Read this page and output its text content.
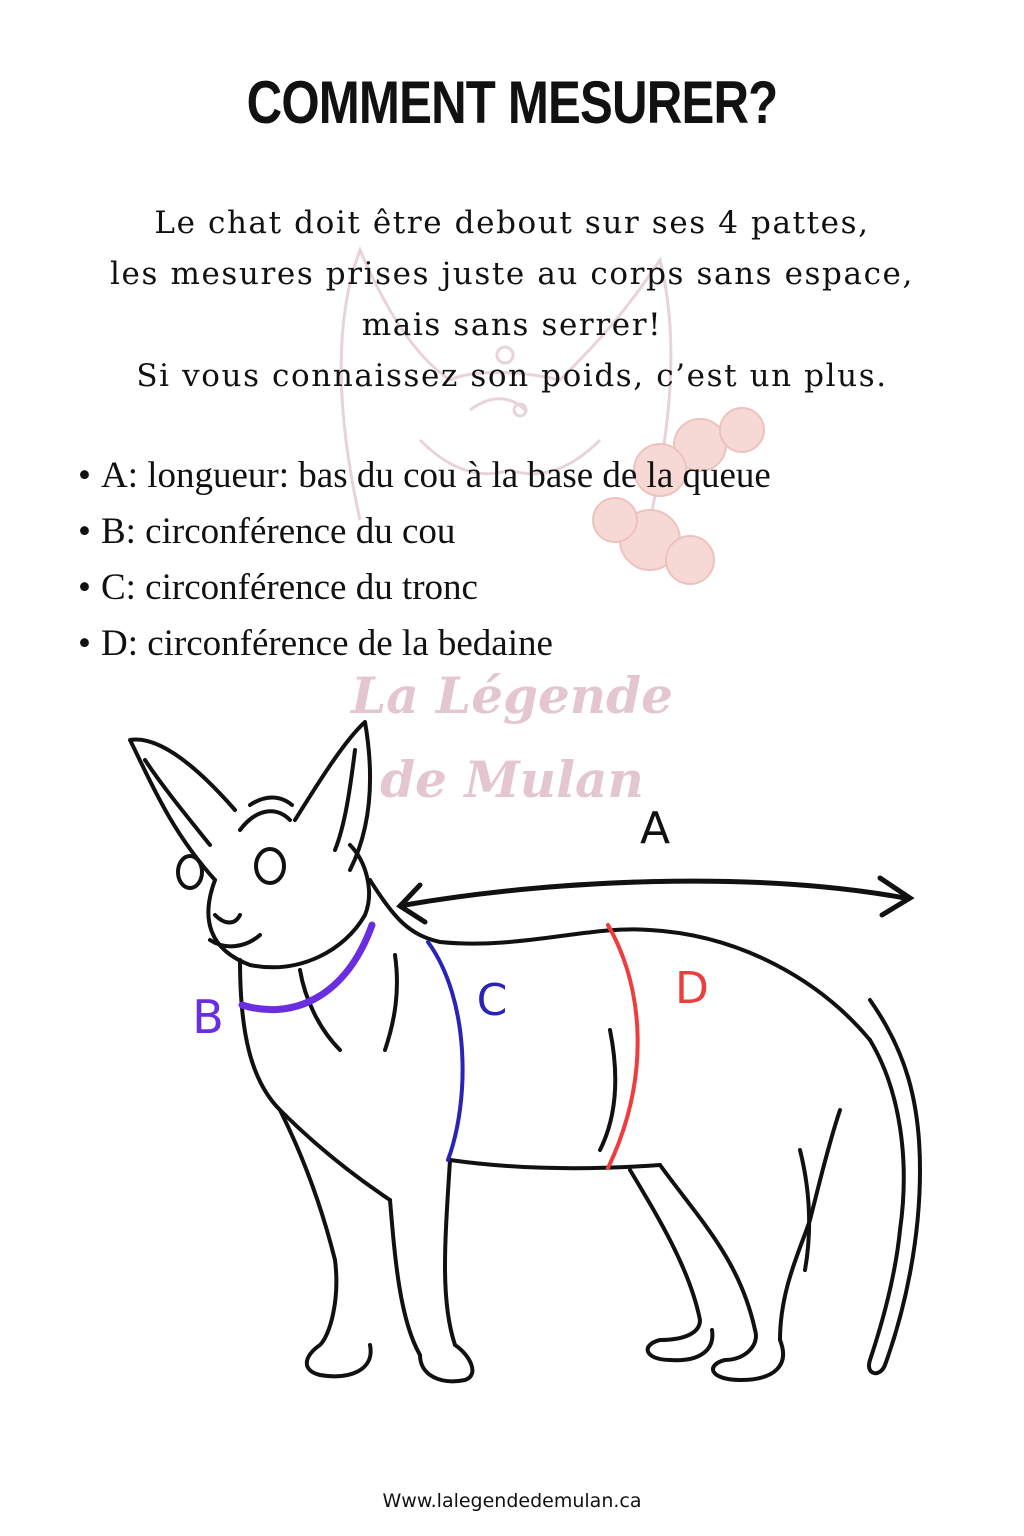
La Légende
de Mulan
COMMENT MESURER?
Le chat doit être debout sur ses 4 pattes,
les mesures prises juste au corps sans espace,
mais sans serrer!
Si vous connaissez son poids, c’est un plus.
• A: longueur: bas du cou à la base de la queue
• B: circonférence du cou
• C: circonférence du tronc
• D: circonférence de la bedaine
A
B	C	D
Www.lalegendedemulan.ca
